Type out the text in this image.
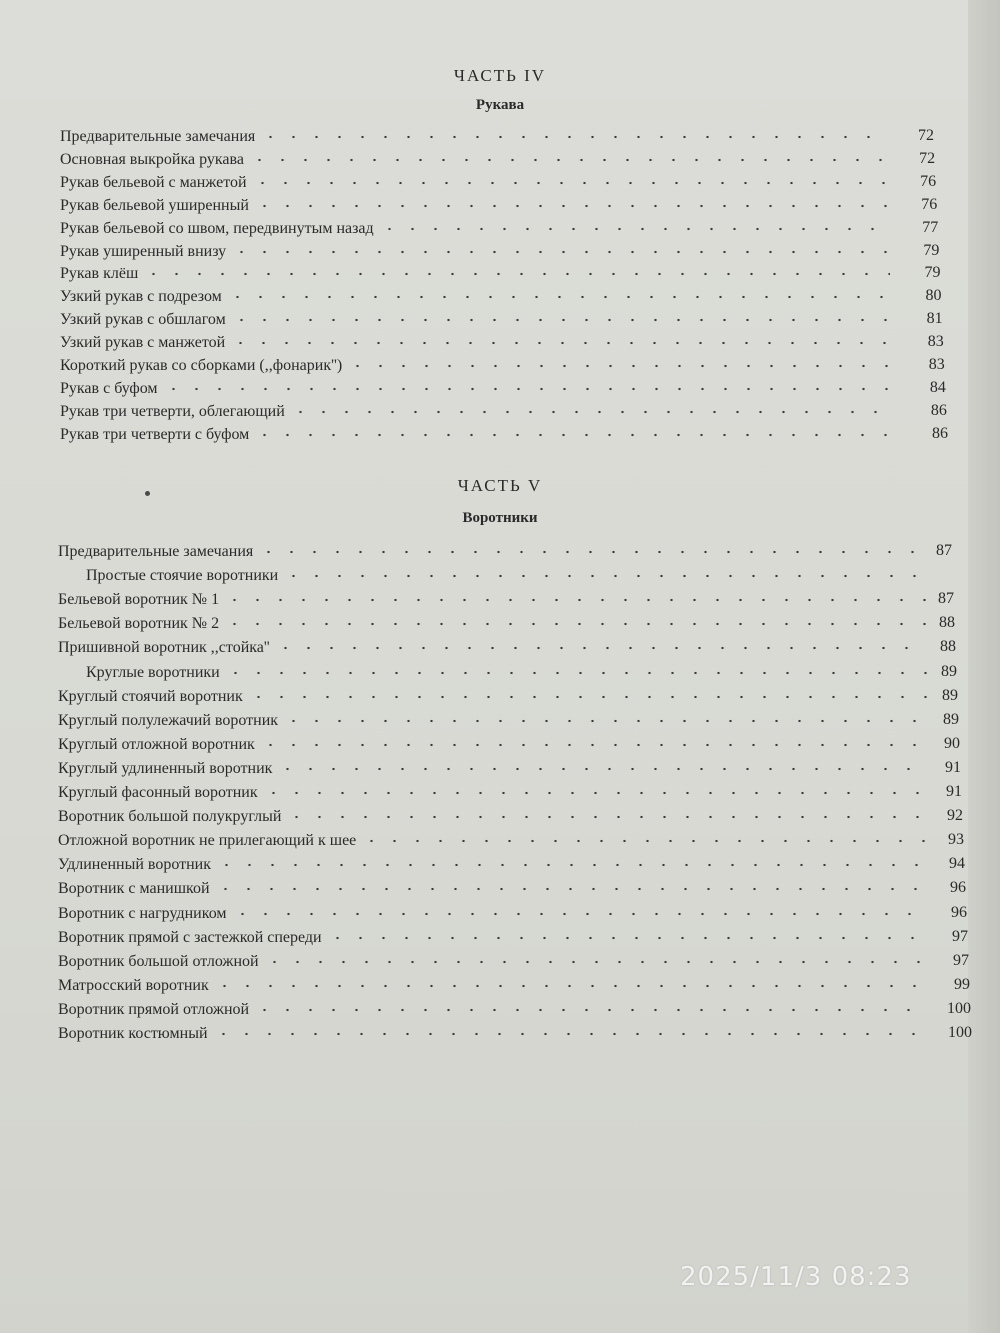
ЧАСТЬ IV
Рукава
ЧАСТЬ V
Воротники
Предварительные замечания	72
Основная выкройка рукава	72
Рукав бельевой с манжетой	76
Рукав бельевой уширенный	76
Рукав бельевой со швом, передвинутым назад	77
Рукав уширенный внизу	79
Рукав клёш	79
Узкий рукав с подрезом	80
Узкий рукав с обшлагом	81
Узкий рукав с манжетой	83
Короткий рукав со сборками (,,фонарик'')	83
Рукав с буфом	84
Рукав три четверти, облегающий	86
Рукав три четверти с буфом	86
Предварительные замечания	87
Простые стоячие воротники
Бельевой воротник № 1	87
Бельевой воротник № 2	88
Пришивной воротник ,,стойка''	88
Круглые воротники	89
Круглый стоячий воротник	89
Круглый полулежачий воротник	89
Круглый отложной воротник	90
Круглый удлиненный воротник	91
Круглый фасонный воротник	91
Воротник большой полукруглый	92
Отложной воротник не прилегающий к шее	93
Удлиненный воротник	94
Воротник с манишкой	96
Воротник с нагрудником	96
Воротник прямой с застежкой спереди	97
Воротник большой отложной	97
Матросский воротник	99
Воротник прямой отложной	100
Воротник костюмный	100
2025/11/3 08:23
